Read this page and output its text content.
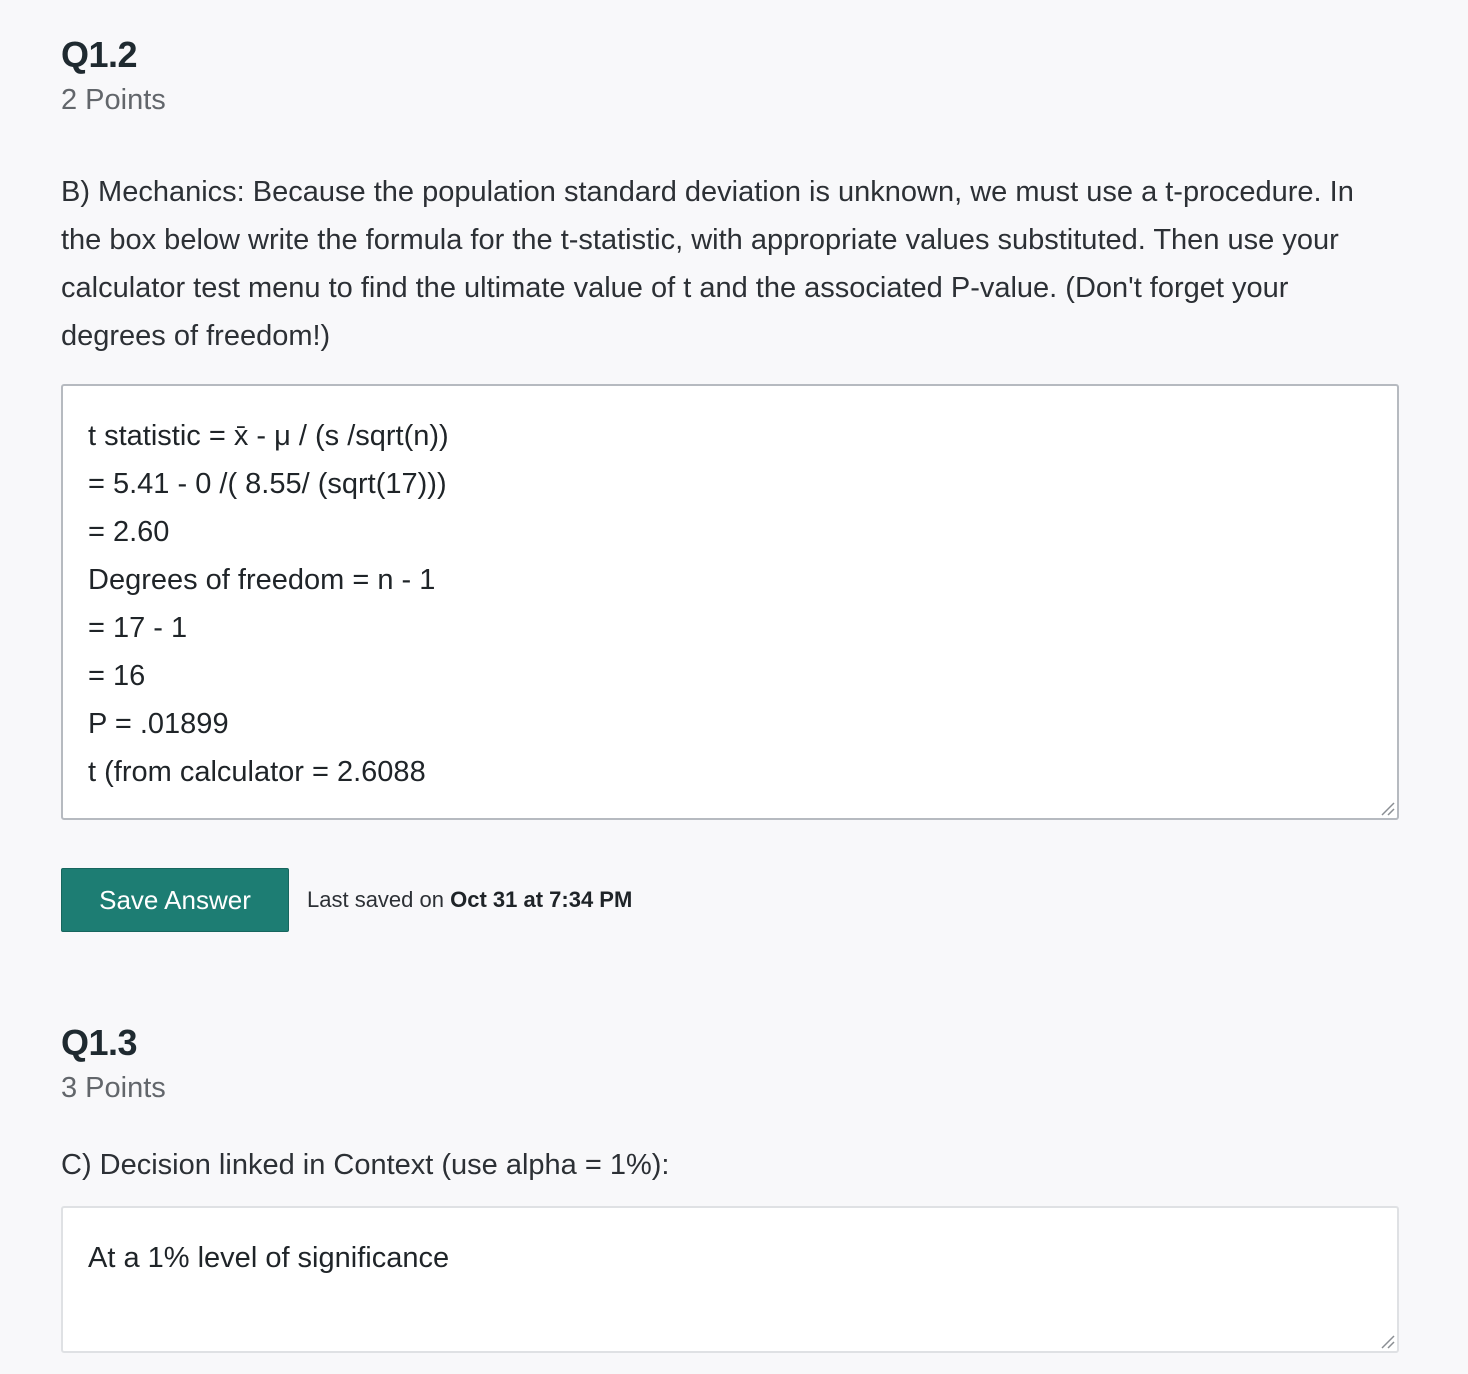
Q1.2
2 Points

B) Mechanics: Because the population standard deviation is unknown, we must use a t-procedure. In the box below write the formula for the t-statistic, with appropriate values substituted. Then use your calculator test menu to find the ultimate value of t and the associated P-value. (Don't forget your degrees of freedom!)

t statistic = x̄ - μ / (s /sqrt(n))
= 5.41 - 0 /( 8.55/ (sqrt(17)))
= 2.60
Degrees of freedom = n - 1
= 17 - 1
= 16
P = .01899
t (from calculator = 2.6088
Save Answer	Last saved on Oct 31 at 7:34 PM
Q1.3
3 Points

C) Decision linked in Context (use alpha = 1%):

At a 1% level of significance
